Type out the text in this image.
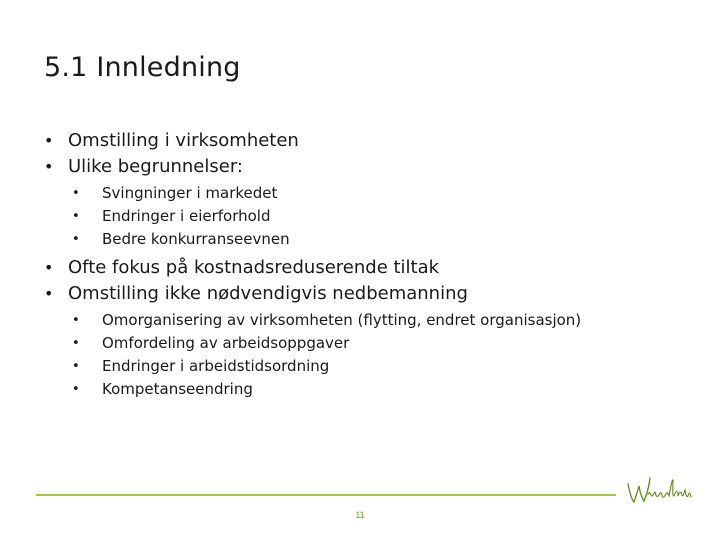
5.1 Innledning
• Omstilling i virksomheten
• Ulike begrunnelser:
• Svingninger i markedet
• Endringer i eierforhold
• Bedre konkurranseevnen
• Ofte fokus på kostnadsreduserende tiltak
• Omstilling ikke nødvendigvis nedbemanning
• Omorganisering av virksomheten (flytting, endret organisasjon)
• Omfordeling av arbeidsoppgaver
• Endringer i arbeidstidsordning
• Kompetanseendring
11
